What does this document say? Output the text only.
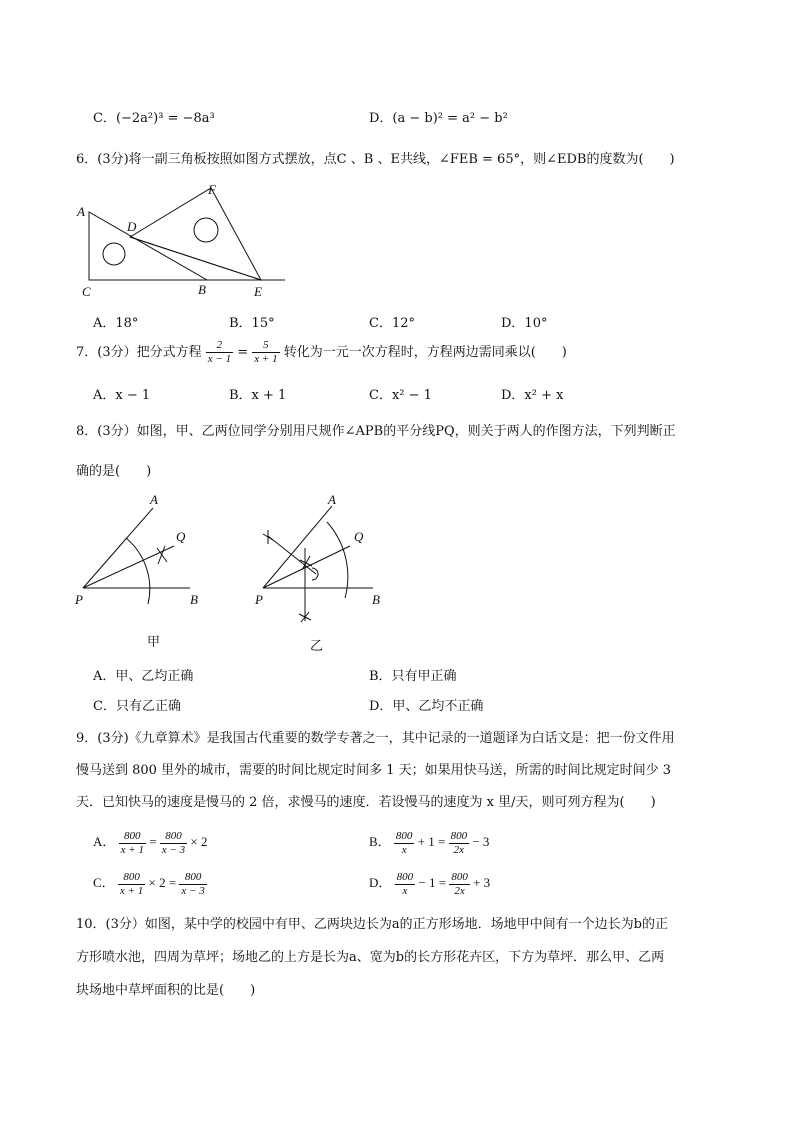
C．(−2a²)³ = −8a³	D．(a − b)² = a² − b²
6．(3分)将一副三角板按照如图方式摆放，点C 、B 、E共线，∠FEB = 65°，则∠EDB的度数为(　　)
A
D
F
C	B	E
A．18°	B．15°	C．12°	D．10°
7．(3分）把分式方程 $\frac{2}{x - 1} = \frac{5}{x + 1}$ 转化为一元一次方程时，方程两边需同乘以(　　)
A．x − 1	B．x + 1	C．x² − 1	D．x² + x
8．(3分）如图，甲、乙两位同学分别用尺规作∠APB的平分线PQ，则关于两人的作图方法，下列判断正
确的是(　　)
A
Q
P	B
甲
A
Q
P	B
乙
A．甲、乙均正确	B．只有甲正确
C．只有乙正确	D．甲、乙均不正确
9．(3分)《九章算术》是我国古代重要的数学专著之一，其中记录的一道题译为白话文是：把一份文件用
慢马送到 800 里外的城市，需要的时间比规定时间多 1 天；如果用快马送，所需的时间比规定时间少 3
天．已知快马的速度是慢马的 2 倍，求慢马的速度．若设慢马的速度为 x 里/天，则可列方程为(　　)
A． $\frac{800}{x + 1} = \frac{800}{x - 3} \times 2$	B． $\frac{800}{x} + 1 = \frac{800}{2x} - 3$
C． $\frac{800}{x + 1} \times 2 = \frac{800}{x - 3}$	D． $\frac{800}{x} - 1 = \frac{800}{2x} + 3$
10．(3分）如图，某中学的校园中有甲、乙两块边长为a的正方形场地．场地甲中间有一个边长为b的正
方形喷水池，四周为草坪；场地乙的上方是长为a、宽为b的长方形花卉区，下方为草坪．那么甲、乙两
块场地中草坪面积的比是(　　)
